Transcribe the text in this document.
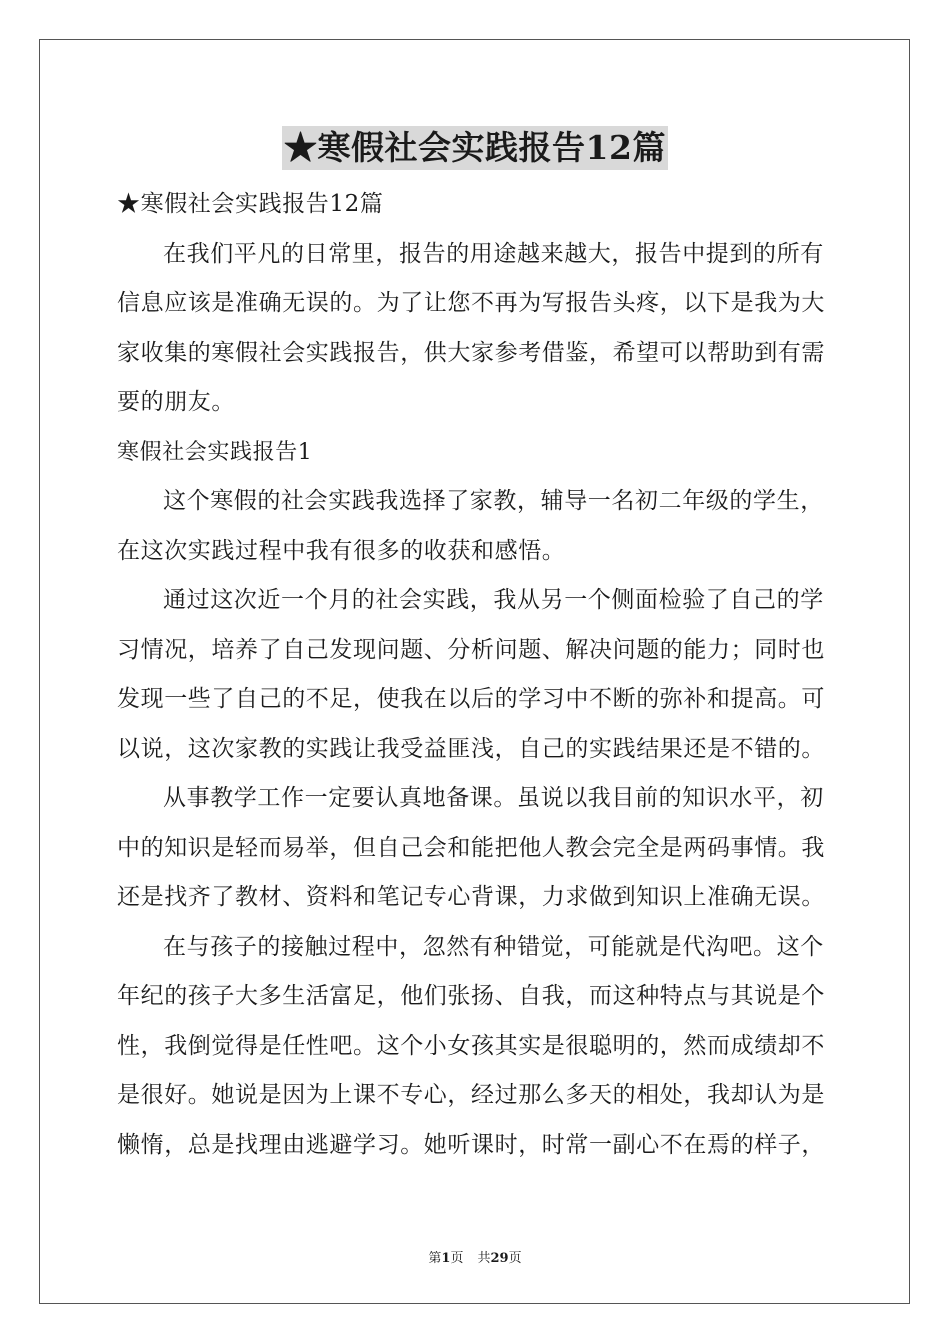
★寒假社会实践报告12篇
★寒假社会实践报告12篇
在我们平凡的日常里，报告的用途越来越大，报告中提到的所有
信息应该是准确无误的。为了让您不再为写报告头疼，以下是我为大
家收集的寒假社会实践报告，供大家参考借鉴，希望可以帮助到有需
要的朋友。
寒假社会实践报告1
这个寒假的社会实践我选择了家教，辅导一名初二年级的学生，
在这次实践过程中我有很多的收获和感悟。
通过这次近一个月的社会实践，我从另一个侧面检验了自己的学
习情况，培养了自己发现问题、分析问题、解决问题的能力；同时也
发现一些了自己的不足，使我在以后的学习中不断的弥补和提高。可
以说，这次家教的实践让我受益匪浅，自己的实践结果还是不错的。
从事教学工作一定要认真地备课。虽说以我目前的知识水平，初
中的知识是轻而易举，但自己会和能把他人教会完全是两码事情。我
还是找齐了教材、资料和笔记专心背课，力求做到知识上准确无误。
在与孩子的接触过程中，忽然有种错觉，可能就是代沟吧。这个
年纪的孩子大多生活富足，他们张扬、自我，而这种特点与其说是个
性，我倒觉得是任性吧。这个小女孩其实是很聪明的，然而成绩却不
是很好。她说是因为上课不专心，经过那么多天的相处，我却认为是
懒惰，总是找理由逃避学习。她听课时，时常一副心不在焉的样子，
第1页 共29页
